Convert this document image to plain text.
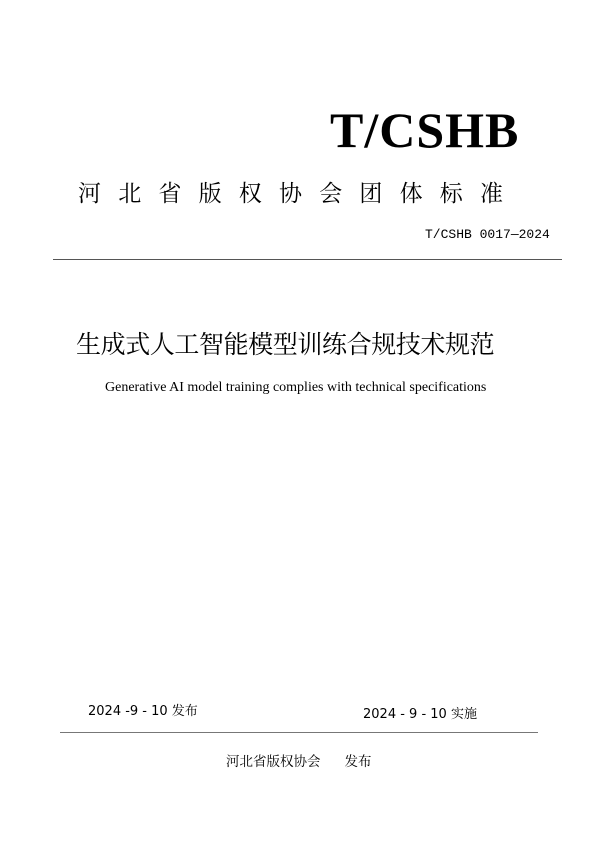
T/CSHB
河北省版权协会团体标准
T/CSHB 0017—2024
生成式人工智能模型训练合规技术规范
Generative AI model training complies with technical specifications
2024 -9 - 10 发布	2024 - 9 - 10 实施
河北省版权协会 发布
